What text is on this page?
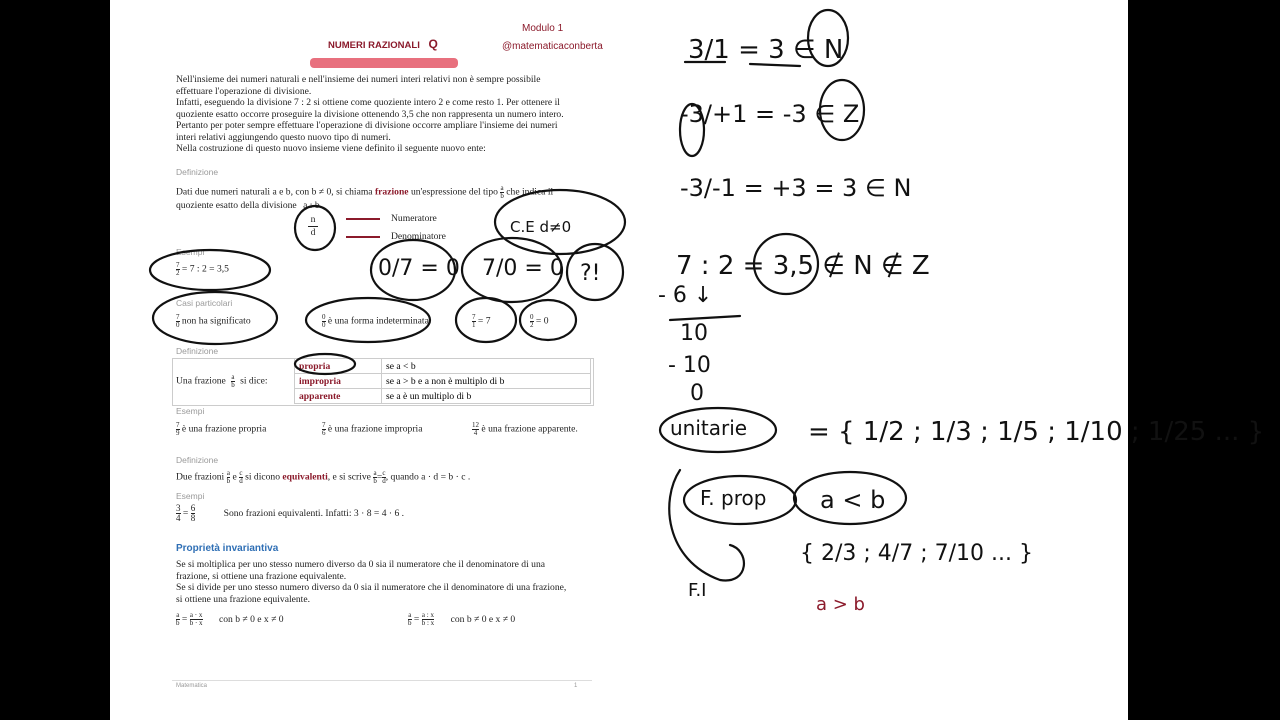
NUMERI RAZIONALI Q
Modulo 1
@matematicaconberta
Nell'insieme dei numeri naturali e nell'insieme dei numeri interi relativi non è sempre possibile
effettuare l'operazione di divisione.
Infatti, eseguendo la divisione 7 : 2 si ottiene come quoziente intero 2 e come resto 1. Per ottenere il
quoziente esatto occorre proseguire la divisione ottenendo 3,5 che non rappresenta un numero intero.
Pertanto per poter sempre effettuare l'operazione di divisione occorre ampliare l'insieme dei numeri
interi relativi aggiungendo questo nuovo tipo di numeri.
Nella costruzione di questo nuovo insieme viene definito il seguente nuovo ente:
Definizione
Dati due numeri naturali a e b, con b ≠ 0, si chiama frazione un'espressione del tipo $\frac{a}{b}$ che indica il
quoziente esatto della divisione a : b .
$\frac{n}{d}$	Numeratore
Denominatore
Esempi
$\frac{7}{2} = 7$ : 2 = 3,5
Casi particolari
$\frac{7}{0}$ non ha significato	$\frac{0}{0}$ è una forma indeterminata	$\frac{7}{1} = 7$	$\frac{0}{2} = 0$
Definizione
Una frazione $\frac{a}{b}$ si dice:
propria	se a < b
impropria	se a > b e a non è multiplo di b
apparente	se a è un multiplo di b
Esempi
$\frac{7}{9}$ è una frazione propria	$\frac{7}{6}$ è una frazione impropria	$\frac{12}{4}$ è una frazione apparente.
Definizione
Due frazioni $\frac{a}{b}$ e $\frac{c}{d}$ si dicono equivalenti, e si scrive $\frac{a}{b} = \frac{c}{d}$ , quando a · d = b · c .
Esempi
$\frac{3}{4} = \frac{6}{8}$	Sono frazioni equivalenti. Infatti: 3 · 8 = 4 · 6 .
Proprietà invariantiva
Se si moltiplica per uno stesso numero diverso da 0 sia il numeratore che il denominatore di una
frazione, si ottiene una frazione equivalente.
Se si divide per uno stesso numero diverso da 0 sia il numeratore che il denominatore di una frazione,
si ottiene una frazione equivalente.
$\frac{a}{b} = \frac{a \cdot x}{b \cdot x}$ con b ≠ 0 e x ≠ 0	$\frac{a}{b} = \frac{a : x}{b : x}$ con b ≠ 0 e x ≠ 0
Matematica	1
0/7 = 0 7/0 = 0 ?!
C.E d≠0
3/1 = 3 ∈ N
-3/+1 = -3 ∈ Z
-3/-1 = +3 = 3 ∈ N
7 : 2 = 3,5 ∉ N ∉ Z
- 6 ↓
10
- 10
0
unitarie = { 1/2 ; 1/3 ; 1/5 ; 1/10 ; 1/25 ... }
F. prop a < b
{ 2/3 ; 4/7 ; 7/10 ... }
F.I
a > b
